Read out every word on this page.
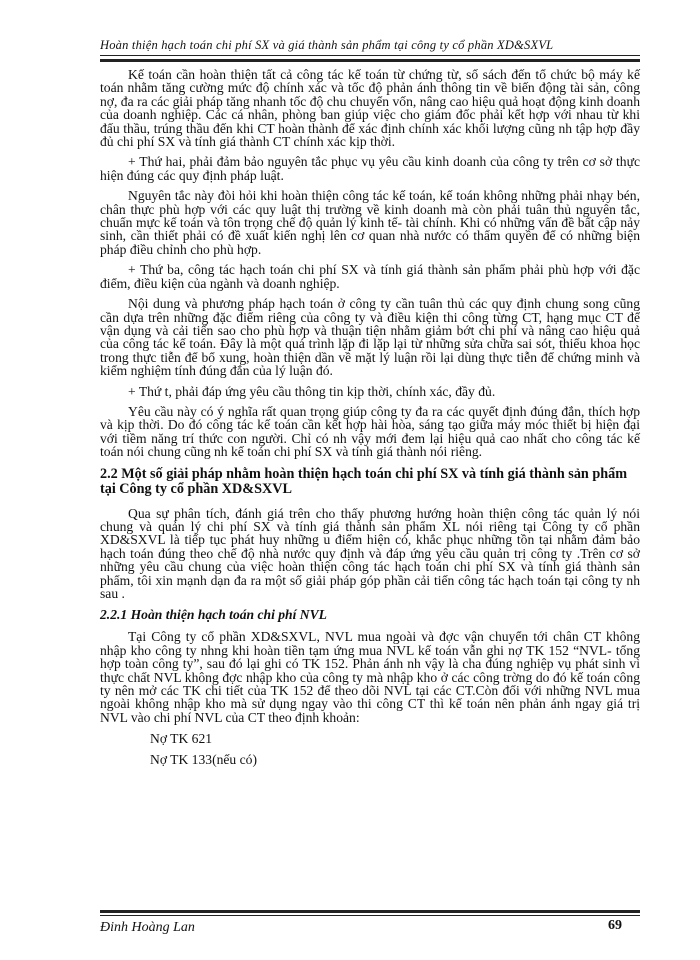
Hoàn thiện hạch toán chi phí SX và giá thành sản phẩm tại công ty cổ phần XD&SXVL

Kế toán cần hoàn thiện tất cả công tác kế toán từ chứng từ, số sách đến tổ chức bộ máy kế toán nhằm tăng cường mức độ chính xác và tốc độ phản ánh thông tin về biến động tài sản, công nợ, đa ra các giải pháp tăng nhanh tốc độ chu chuyển vốn, nâng cao hiệu quả hoạt động kinh doanh của doanh nghiệp. Các cá nhân, phòng ban giúp việc cho giám đốc phải kết hợp với nhau từ khi đấu thầu, trúng thầu đến khi CT hoàn thành để xác định chính xác khối lượng cũng nh tập hợp đầy đủ chi phí SX và tính giá thành CT chính xác kịp thời.

+ Thứ hai, phải đảm bảo nguyên tắc phục vụ yêu cầu kinh doanh của công ty trên cơ sở thực hiện đúng các quy định pháp luật.

Nguyên tắc này đòi hỏi khi hoàn thiện công tác kế toán, kế toán không những phải nhạy bén, chân thực phù hợp với các quy luật thị trường về kinh doanh mà còn phải tuân thủ nguyên tắc, chuẩn mực kế toán và tôn trọng chế độ quản lý kinh tế- tài chính. Khi có những vấn đề bất cập nảy sinh, cần thiết phải có đề xuất kiến nghị lên cơ quan nhà nước có thẩm quyền để có những biện pháp điều chỉnh cho phù hợp.

+ Thứ ba, công tác hạch toán chi phí SX và tính giá thành sản phẩm phải phù hợp với đặc điểm, điều kiện của ngành và doanh nghiệp.

Nội dung và phương pháp hạch toán ở công ty cần tuân thủ các quy định chung song cũng cần dựa trên những đặc điểm riêng của công ty và điều kiện thi công từng CT, hạng mục CT để vận dụng và cải tiến sao cho phù hợp và thuận tiện nhằm giảm bớt chi phí và nâng cao hiệu quả của công tác kế toán. Đây là một quá trình lặp đi lặp lại từ những sửa chữa sai sót, thiếu khoa học trong thực tiễn để bổ xung, hoàn thiện dần về mặt lý luận rồi lại dùng thực tiễn để chứng minh và kiểm nghiệm tính đúng đắn của lý luận đó.

+ Thứ t, phải đáp ứng yêu cầu thông tin kịp thời, chính xác, đầy đủ.

Yêu cầu này có ý nghĩa rất quan trọng giúp công ty đa ra các quyết định đúng đắn, thích hợp và kịp thời. Do đó công tác kế toán cần kết hợp hài hòa, sáng tạo giữa máy móc thiết bị hiện đại với tiềm năng trí thức con người. Chỉ có nh vậy mới đem lại hiệu quả cao nhất cho công tác kế toán nói chung cũng nh kế toán chi phí SX và tính giá thành nói riêng.

2.2 Một số giải pháp nhằm hoàn thiện hạch toán chi phí SX và tính giá thành sản phẩm tại Công ty cổ phần XD&SXVL

Qua sự phân tích, đánh giá trên cho thấy phương hướng hoàn thiện công tác quản lý nói chung và quản lý chi phí SX và tính giá thành sản phẩm XL nói riêng tại Công ty cổ phần XD&SXVL là tiếp tục phát huy những u điểm hiện có, khắc phục những tồn tại nhằm đảm bảo hạch toán đúng theo chế độ nhà nước quy định và đáp ứng yêu cầu quản trị công ty .Trên cơ sở những yêu cầu chung của việc hoàn thiện công tác hạch toán chi phí SX và tính giá thành sản phẩm, tôi xin mạnh dạn đa ra một số giải pháp góp phần cải tiến công tác hạch toán tại công ty nh sau .

2.2.1 Hoàn thiện hạch toán chi phí NVL

Tại Công ty cổ phần XD&SXVL, NVL mua ngoài và đợc vận chuyển tới chân CT không nhập kho công ty nhng khi hoàn tiền tạm ứng mua NVL kế toán vẫn ghi nợ TK 152 “NVL- tổng hợp toàn công ty”, sau đó lại ghi có TK 152. Phản ánh nh vậy là cha đúng nghiệp vụ phát sinh vì thực chất NVL không đợc nhập kho của công ty mà nhập kho ở các công trờng do đó kế toán công ty nên mở các TK chi tiết của TK 152 để theo dõi NVL tại các CT.Còn đối với những NVL mua ngoài không nhập kho mà sử dụng ngay vào thi công CT thì kế toán nên phản ánh ngay giá trị NVL vào chi phí NVL của CT theo định khoản:

Nợ TK 621

Nợ TK 133(nếu có)

Đinh Hoàng Lan	69
